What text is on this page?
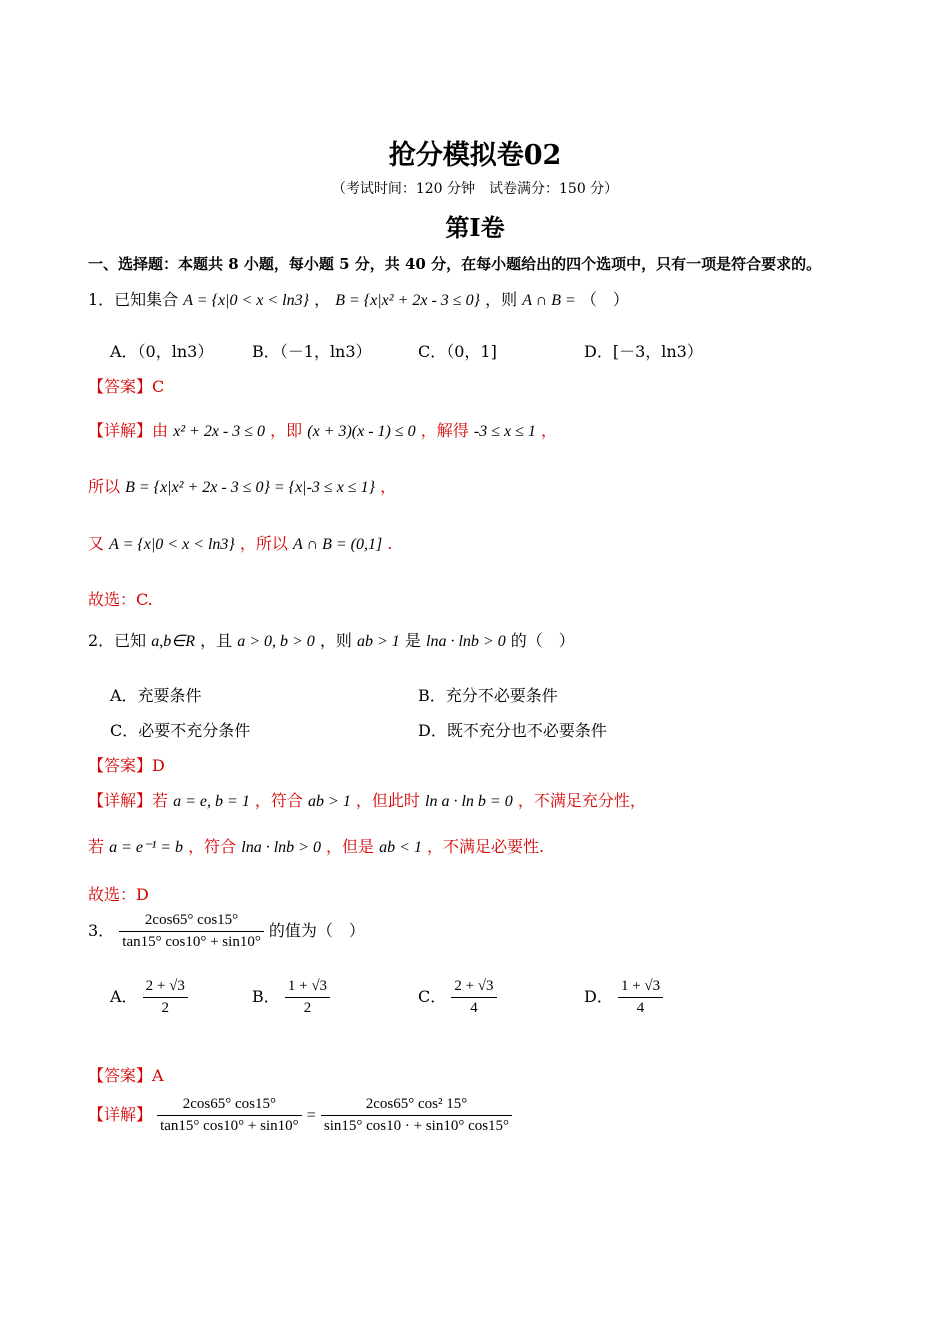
抢分模拟卷02
（考试时间：120 分钟　试卷满分：150 分）
第Ⅰ卷
一、选择题：本题共 8 小题，每小题 5 分，共 40 分，在每小题给出的四个选项中，只有一项是符合要求的。
1．已知集合 A = {x|0 < x < ln3} ， B = {x|x² + 2x - 3 ≤ 0} ，则 A ∩ B = （　）
A．（0，ln3） B．（－1，ln3）	C．（0，1]	D．[－3，ln3）
【答案】C
【详解】由 x² + 2x - 3 ≤ 0 ，即 (x + 3)(x - 1) ≤ 0 ，解得 -3 ≤ x ≤ 1 ，
所以 B = {x|x² + 2x - 3 ≤ 0} = {x|-3 ≤ x ≤ 1} ，
又 A = {x|0 < x < ln3} ，所以 A ∩ B = (0,1] .
故选：C.
2．已知 a,b∈R ，且 a > 0, b > 0 ，则 ab > 1 是 lna · lnb > 0 的（　）
A．充要条件	B．充分不必要条件
C．必要不充分条件	D．既不充分也不必要条件
【答案】D
【详解】若 a = e, b = 1 ，符合 ab > 1 ，但此时 ln a · ln b = 0 ，不满足充分性，
若 a = e⁻¹ = b ，符合 lna · lnb > 0 ，但是 ab < 1 ，不满足必要性.
故选：D
3． $\frac{2\cos 65^\circ \cos 15^\circ}{\tan 15^\circ \cos 10^\circ + \sin 10^\circ}$ 的值为（　）
A． $\frac{2 + √3}{2}$	B． $\frac{1 + √3}{2}$	C． $\frac{2 + √3}{4}$	D． $\frac{1 + √3}{4}$
【答案】A
【详解】 $\frac{2\cos 65^\circ \cos 15^\circ}{\tan 15^\circ \cos 10^\circ + \sin 10^\circ} = \frac{\text{2cos65° cos² 15°}}{\sin 15^\circ \cos 10 \cdot + \sin 10^\circ \cos 15^\circ}$
